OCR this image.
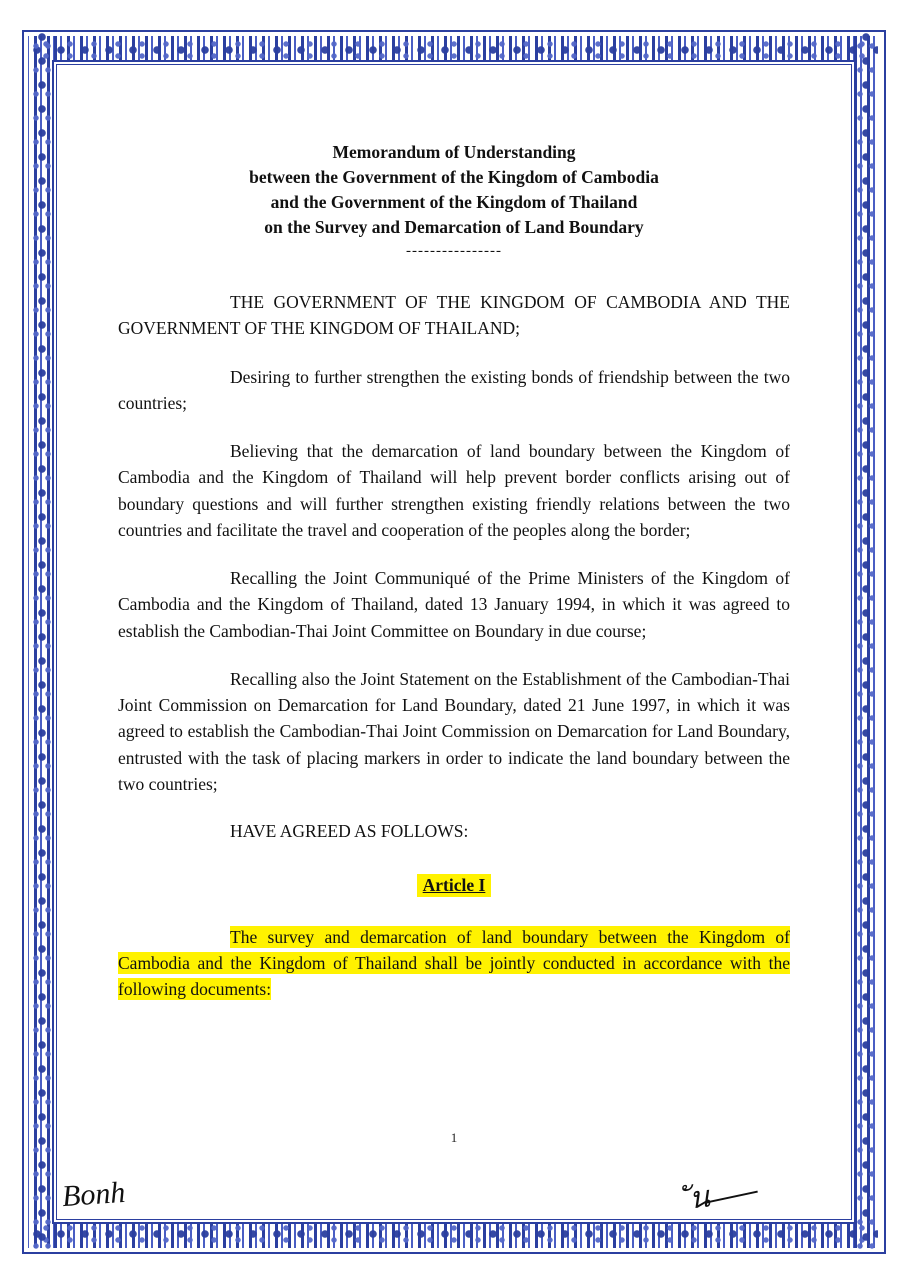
Memorandum of Understanding
between the Government of the Kingdom of Cambodia
and the Government of the Kingdom of Thailand
on the Survey and Demarcation of Land Boundary
----------------

THE GOVERNMENT OF THE KINGDOM OF CAMBODIA AND THE GOVERNMENT OF THE KINGDOM OF THAILAND;

Desiring to further strengthen the existing bonds of friendship between the two countries;

Believing that the demarcation of land boundary between the Kingdom of Cambodia and the Kingdom of Thailand will help prevent border conflicts arising out of boundary questions and will further strengthen existing friendly relations between the two countries and facilitate the travel and cooperation of the peoples along the border;

Recalling the Joint Communiqué of the Prime Ministers of the Kingdom of Cambodia and the Kingdom of Thailand, dated 13 January 1994, in which it was agreed to establish the Cambodian-Thai Joint Committee on Boundary in due course;

Recalling also the Joint Statement on the Establishment of the Cambodian-Thai Joint Commission on Demarcation for Land Boundary, dated 21 June 1997, in which it was agreed to establish the Cambodian-Thai Joint Commission on Demarcation for Land Boundary, entrusted with the task of placing markers in order to indicate the land boundary between the two countries;

HAVE AGREED AS FOLLOWS:

Article I

The survey and demarcation of land boundary between the Kingdom of Cambodia and the Kingdom of Thailand shall be jointly conducted in accordance with the following documents:

1
Bonh	ัน
